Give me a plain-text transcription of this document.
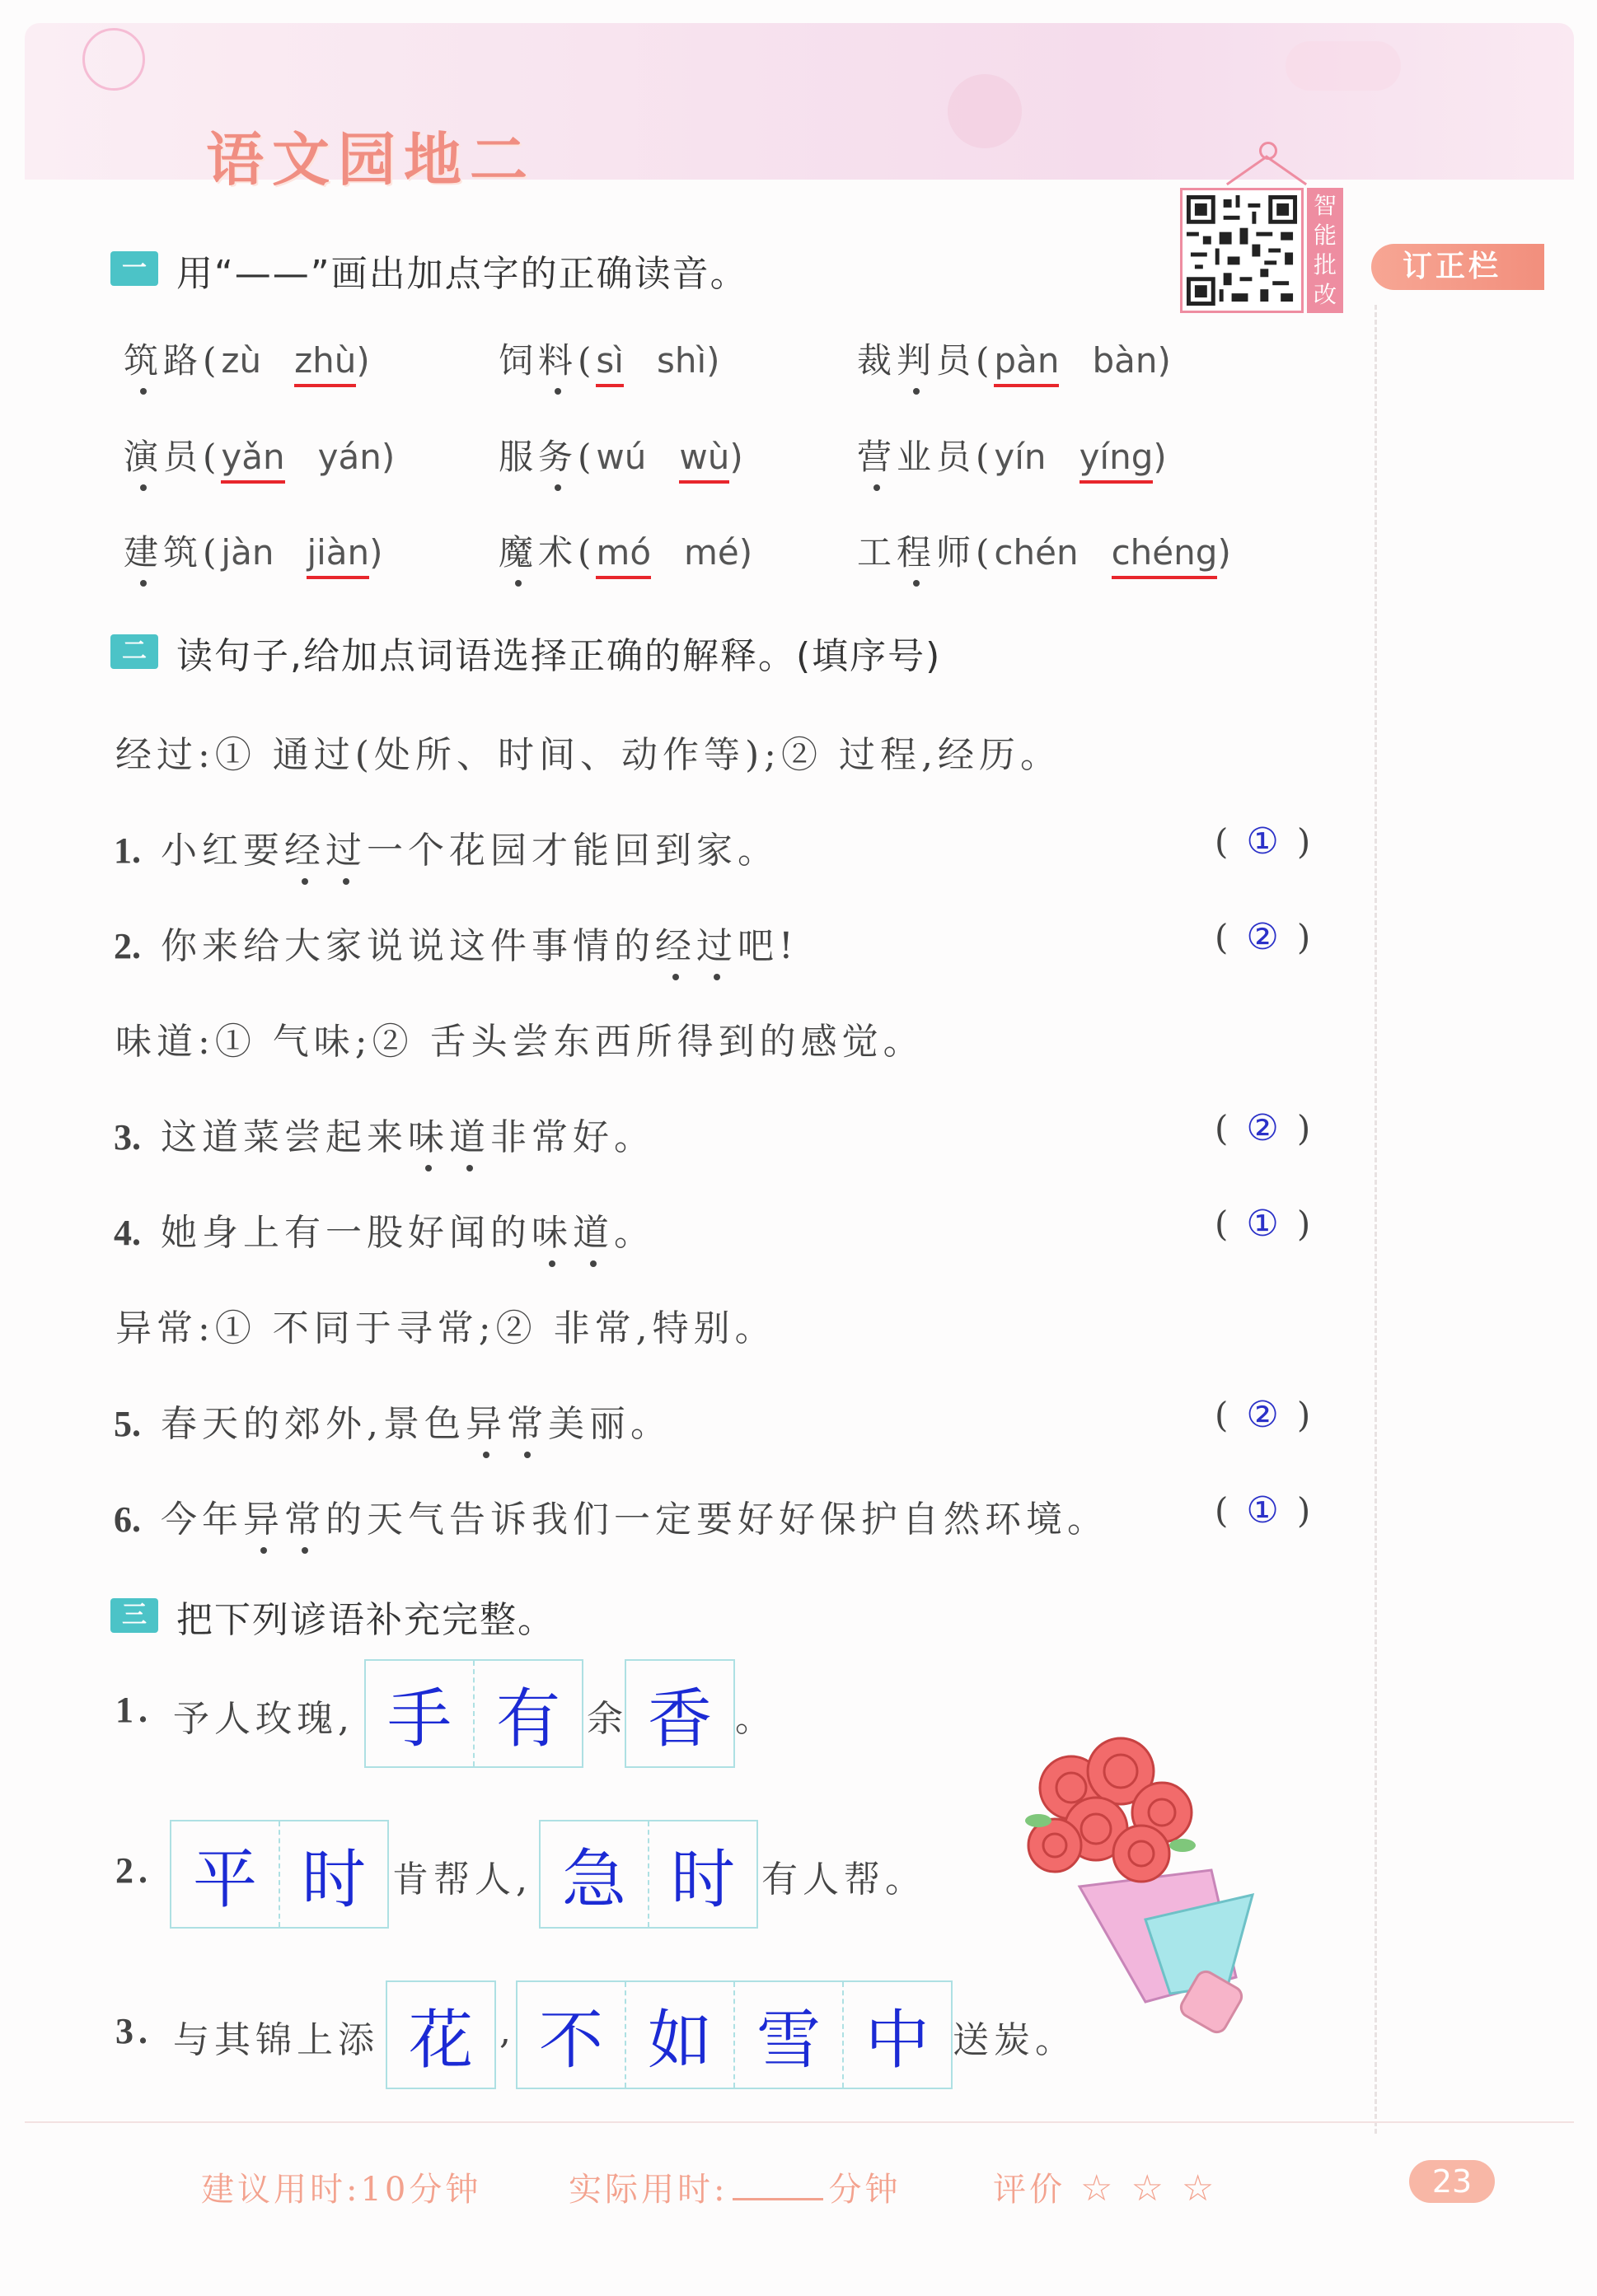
语文园地二
智能批改
订正栏
一 用“——”画出加点字的正确读音。
筑路(zù zhù)	饲料(sì shì)	裁判员(pàn bàn)
演员(yǎn yán)	服务(wú wù)	营业员(yín yíng)
建筑(jàn jiàn)	魔术(mó mé)	工程师(chén chéng)
二 读句子,给加点词语选择正确的解释。(填序号)
经过:① 通过(处所、时间、动作等);② 过程,经历。
1. 小红要经过一个花园才能回到家。	( ① )
2. 你来给大家说说这件事情的经过吧!	( ② )
味道:① 气味;② 舌头尝东西所得到的感觉。
3. 这道菜尝起来味道非常好。	( ② )
4. 她身上有一股好闻的味道。	( ① )
异常:① 不同于寻常;② 非常,特别。
5. 春天的郊外,景色异常美丽。	( ② )
6. 今年异常的天气告诉我们一定要好好保护自然环境。	( ① )
三 把下列谚语补充完整。
1. 予人玫瑰, 手 有 余 香 。
2. 平 时 肯帮人, 急 时 有人帮。
3. 与其锦上添 花 , 不 如 雪 中 送炭。
建议用时:10分钟	实际用时:	分钟	评价 ☆ ☆ ☆	23
